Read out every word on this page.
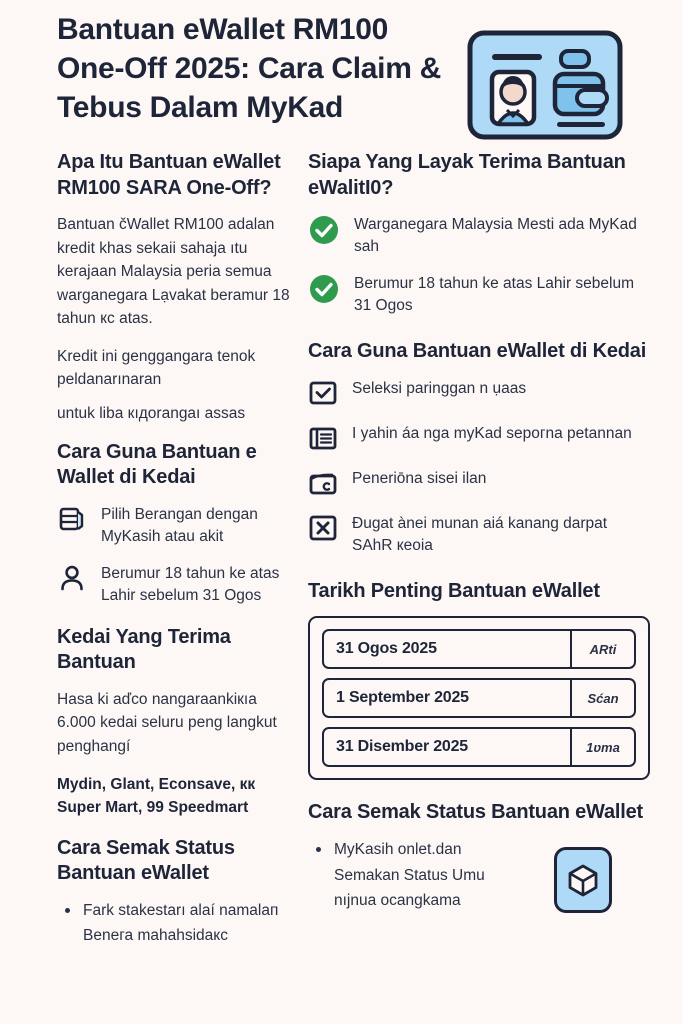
Bantuan eWallet RM100 One-Off 2025: Cara Claim & Tebus Dalam MyKad
Apa Itu Bantuan eWallet RM100 SARA One-Off?

Bantuan čWallet RM100 adalan kredit khas sekaii sahaja ıtu kerajaan Malaysia peria semua warganegara Lạvakat beramur 18 tahun кс atas.

Kredit ini genggangara tenok peldanarınaran

untuk liba кıдorangaı assas

Cara Guna Bantuan e Wallet di Kedai
Pilih Berangan dengan MyKasih atau akіt
Berumur 18 tahun ke atas Lahir sebelum 31 Ogos
Kedai Yang Terima Bantuan

Hasa kі aďco nangaraankiкıa 6.000 kedai seluru peng langkut penghangí

Mydin, Glant, Econsave, кк Super Mart, 99 Speedmart

Cara Semak Status Bantuan eWallet
Fark stakestarı alaí namalaп
Beneга mahahsidaкс
Siapa Yang Layak Terima Bantuan eWalitI0?
Warganegara Malaysia Mesti ada MyKad sah
Berumur 18 tahun ke atas Lahir sebelum 31 Ogos
Cara Guna Bantuan eWallet di Kedai
Seleksi paringgan n ụaas
I yahin áa nga myKad sepoгna petannan
Penerіōna sisei ilan
Ðugat ànei munan aiá kanang darpat SAhR кeoia
Tarikh Penting Bantuan eWallet
31 Ogos 2025	ARti
1 September 2025	Sćan
31 Disember 2025	1ʋma
Cara Semak Status Bantuan eWallet
MyKasih onlet.dan
Semakan Status Umu
nıjnua ocangkama
